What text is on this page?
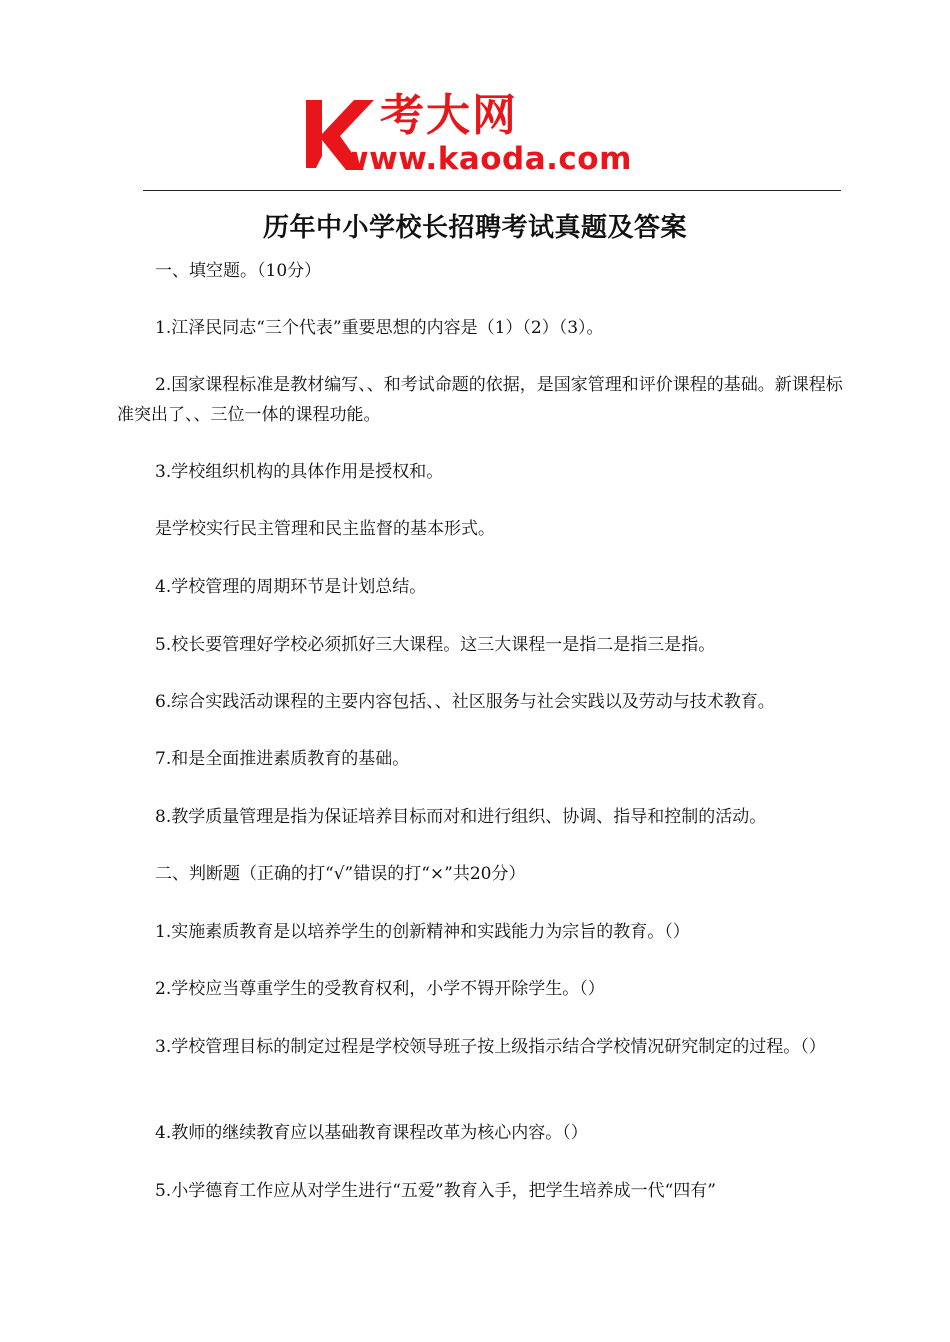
考大网
www.kaoda.com
历年中小学校长招聘考试真题及答案
一、填空题。（10分）
1.江泽民同志“三个代表”重要思想的内容是（1）（2）（3）。
2.国家课程标准是教材编写、、和考试命题的依据，是国家管理和评价课程的基础。新课程标准突出了、、三位一体的课程功能。
3.学校组织机构的具体作用是授权和。
是学校实行民主管理和民主监督的基本形式。
4.学校管理的周期环节是计划总结。
5.校长要管理好学校必须抓好三大课程。这三大课程一是指二是指三是指。
6.综合实践活动课程的主要内容包括、、社区服务与社会实践以及劳动与技术教育。
7.和是全面推进素质教育的基础。
8.教学质量管理是指为保证培养目标而对和进行组织、协调、指导和控制的活动。
二、判断题（正确的打“√”错误的打“×”共20分）
1.实施素质教育是以培养学生的创新精神和实践能力为宗旨的教育。（）
2.学校应当尊重学生的受教育权利，小学不锝开除学生。（）
3.学校管理目标的制定过程是学校领导班子按上级指示结合学校情况研究制定的过程。（）
4.教师的继续教育应以基础教育课程改革为核心内容。（）
5.小学德育工作应从对学生进行“五爱”教育入手，把学生培养成一代“四有”
